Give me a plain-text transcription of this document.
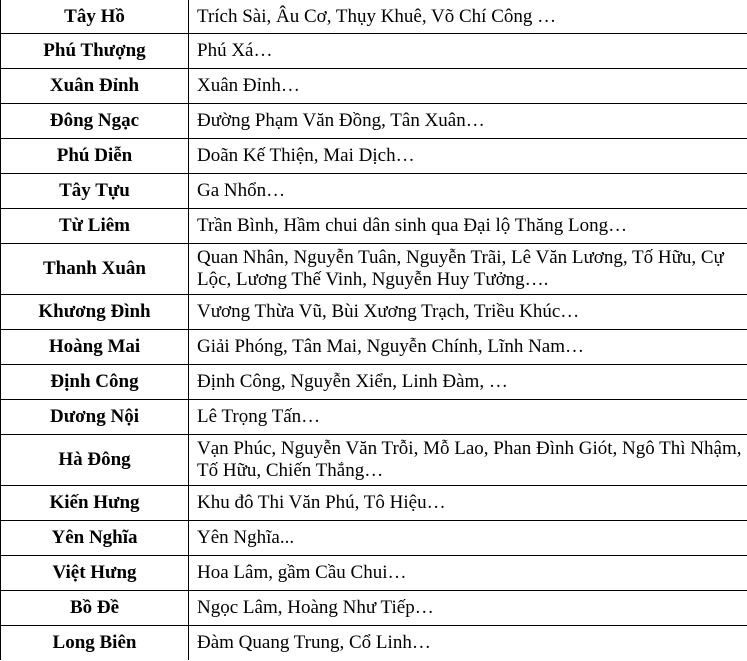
Tây Hồ	Trích Sài, Âu Cơ, Thụy Khuê, Võ Chí Công …
Phú Thượng	Phú Xá…
Xuân Đỉnh	Xuân Đỉnh…
Đông Ngạc	Đường Phạm Văn Đồng, Tân Xuân…
Phú Diễn	Doãn Kế Thiện, Mai Dịch…
Tây Tựu	Ga Nhổn…
Từ Liêm	Trần Bình, Hầm chui dân sinh qua Đại lộ Thăng Long…
Thanh Xuân	Quan Nhân, Nguyễn Tuân, Nguyễn Trãi, Lê Văn Lương, Tố Hữu, Cự Lộc, Lương Thế Vinh, Nguyễn Huy Tưởng….
Khương Đình	Vương Thừa Vũ, Bùi Xương Trạch, Triều Khúc…
Hoàng Mai	Giải Phóng, Tân Mai, Nguyễn Chính, Lĩnh Nam…
Định Công	Định Công, Nguyễn Xiển, Linh Đàm, …
Dương Nội	Lê Trọng Tấn…
Hà Đông	Vạn Phúc, Nguyễn Văn Trỗi, Mỗ Lao, Phan Đình Giót, Ngô Thì Nhậm, Tố Hữu, Chiến Thắng…
Kiến Hưng	Khu đô Thi Văn Phú, Tô Hiệu…
Yên Nghĩa	Yên Nghĩa...
Việt Hưng	Hoa Lâm, gầm Cầu Chui…
Bồ Đề	Ngọc Lâm, Hoàng Như Tiếp…
Long Biên	Đàm Quang Trung, Cổ Linh…
